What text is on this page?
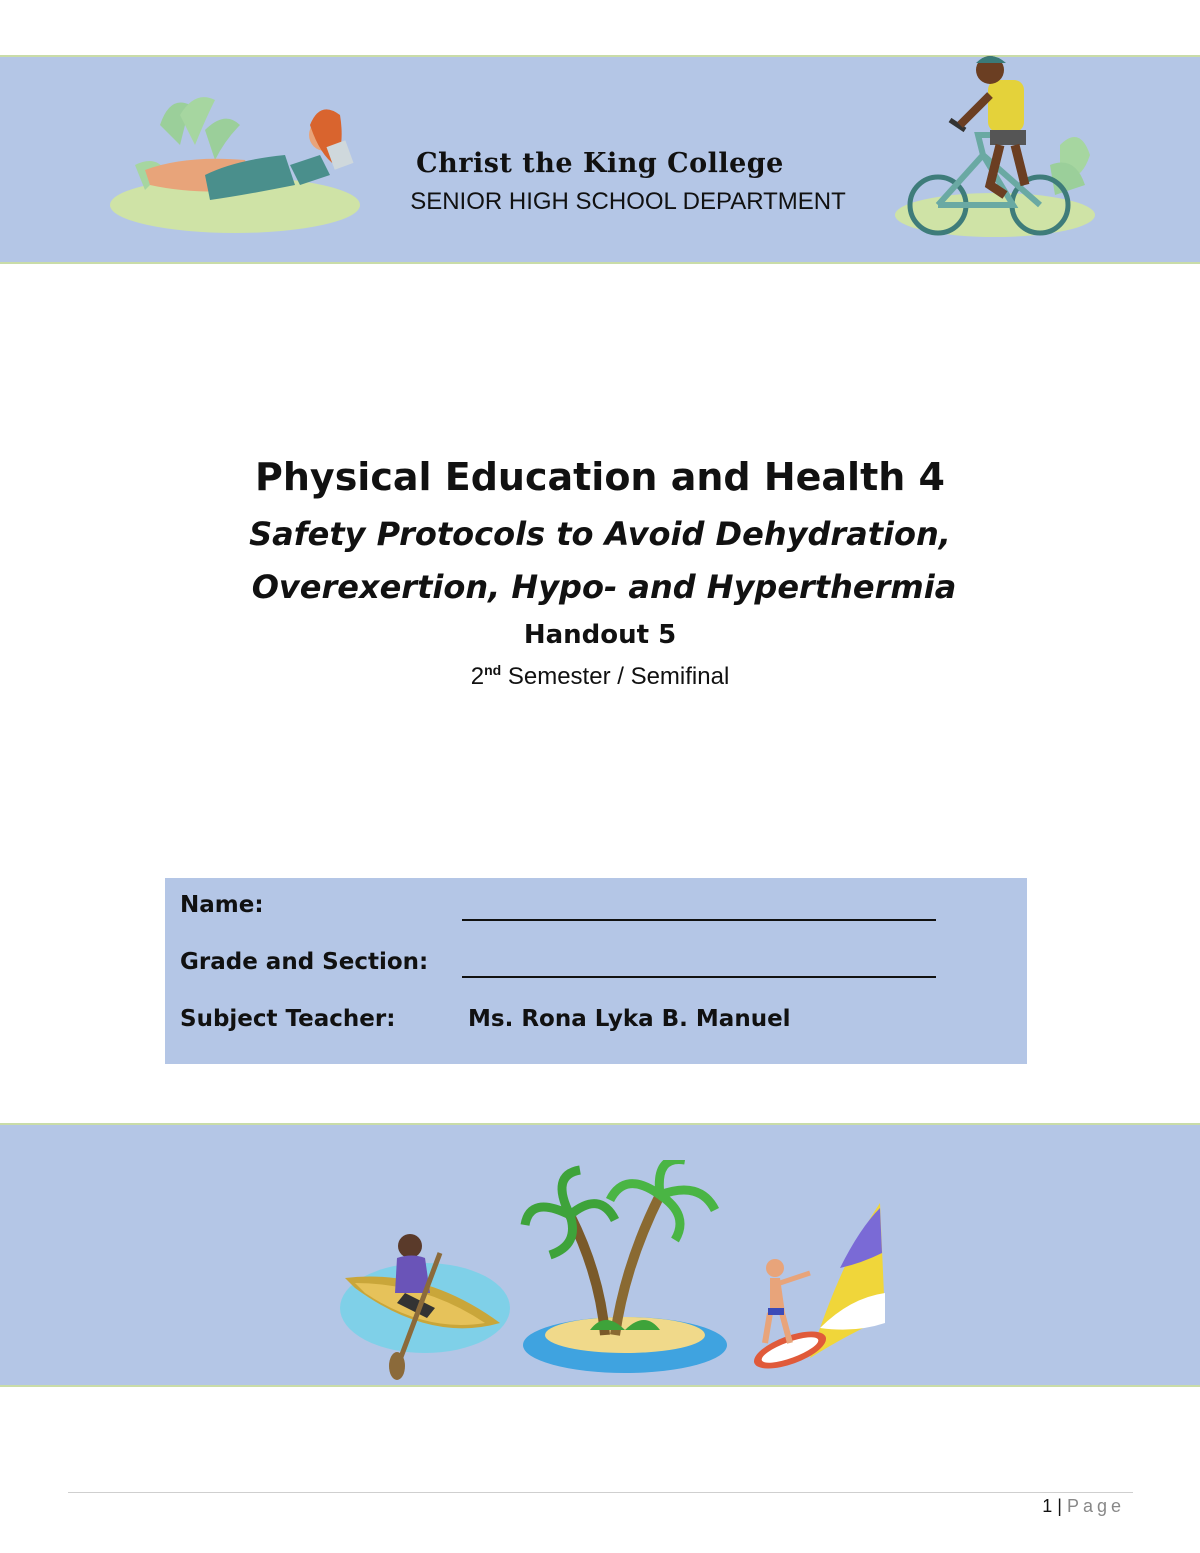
Christ the King College
SENIOR HIGH SCHOOL DEPARTMENT
Physical Education and Health 4
Safety Protocols to Avoid Dehydration,
Overexertion, Hypo- and Hyperthermia
Handout 5
2nd Semester / Semifinal
Name:
Grade and Section:
Subject Teacher:	Ms. Rona Lyka B. Manuel
1 | Page
